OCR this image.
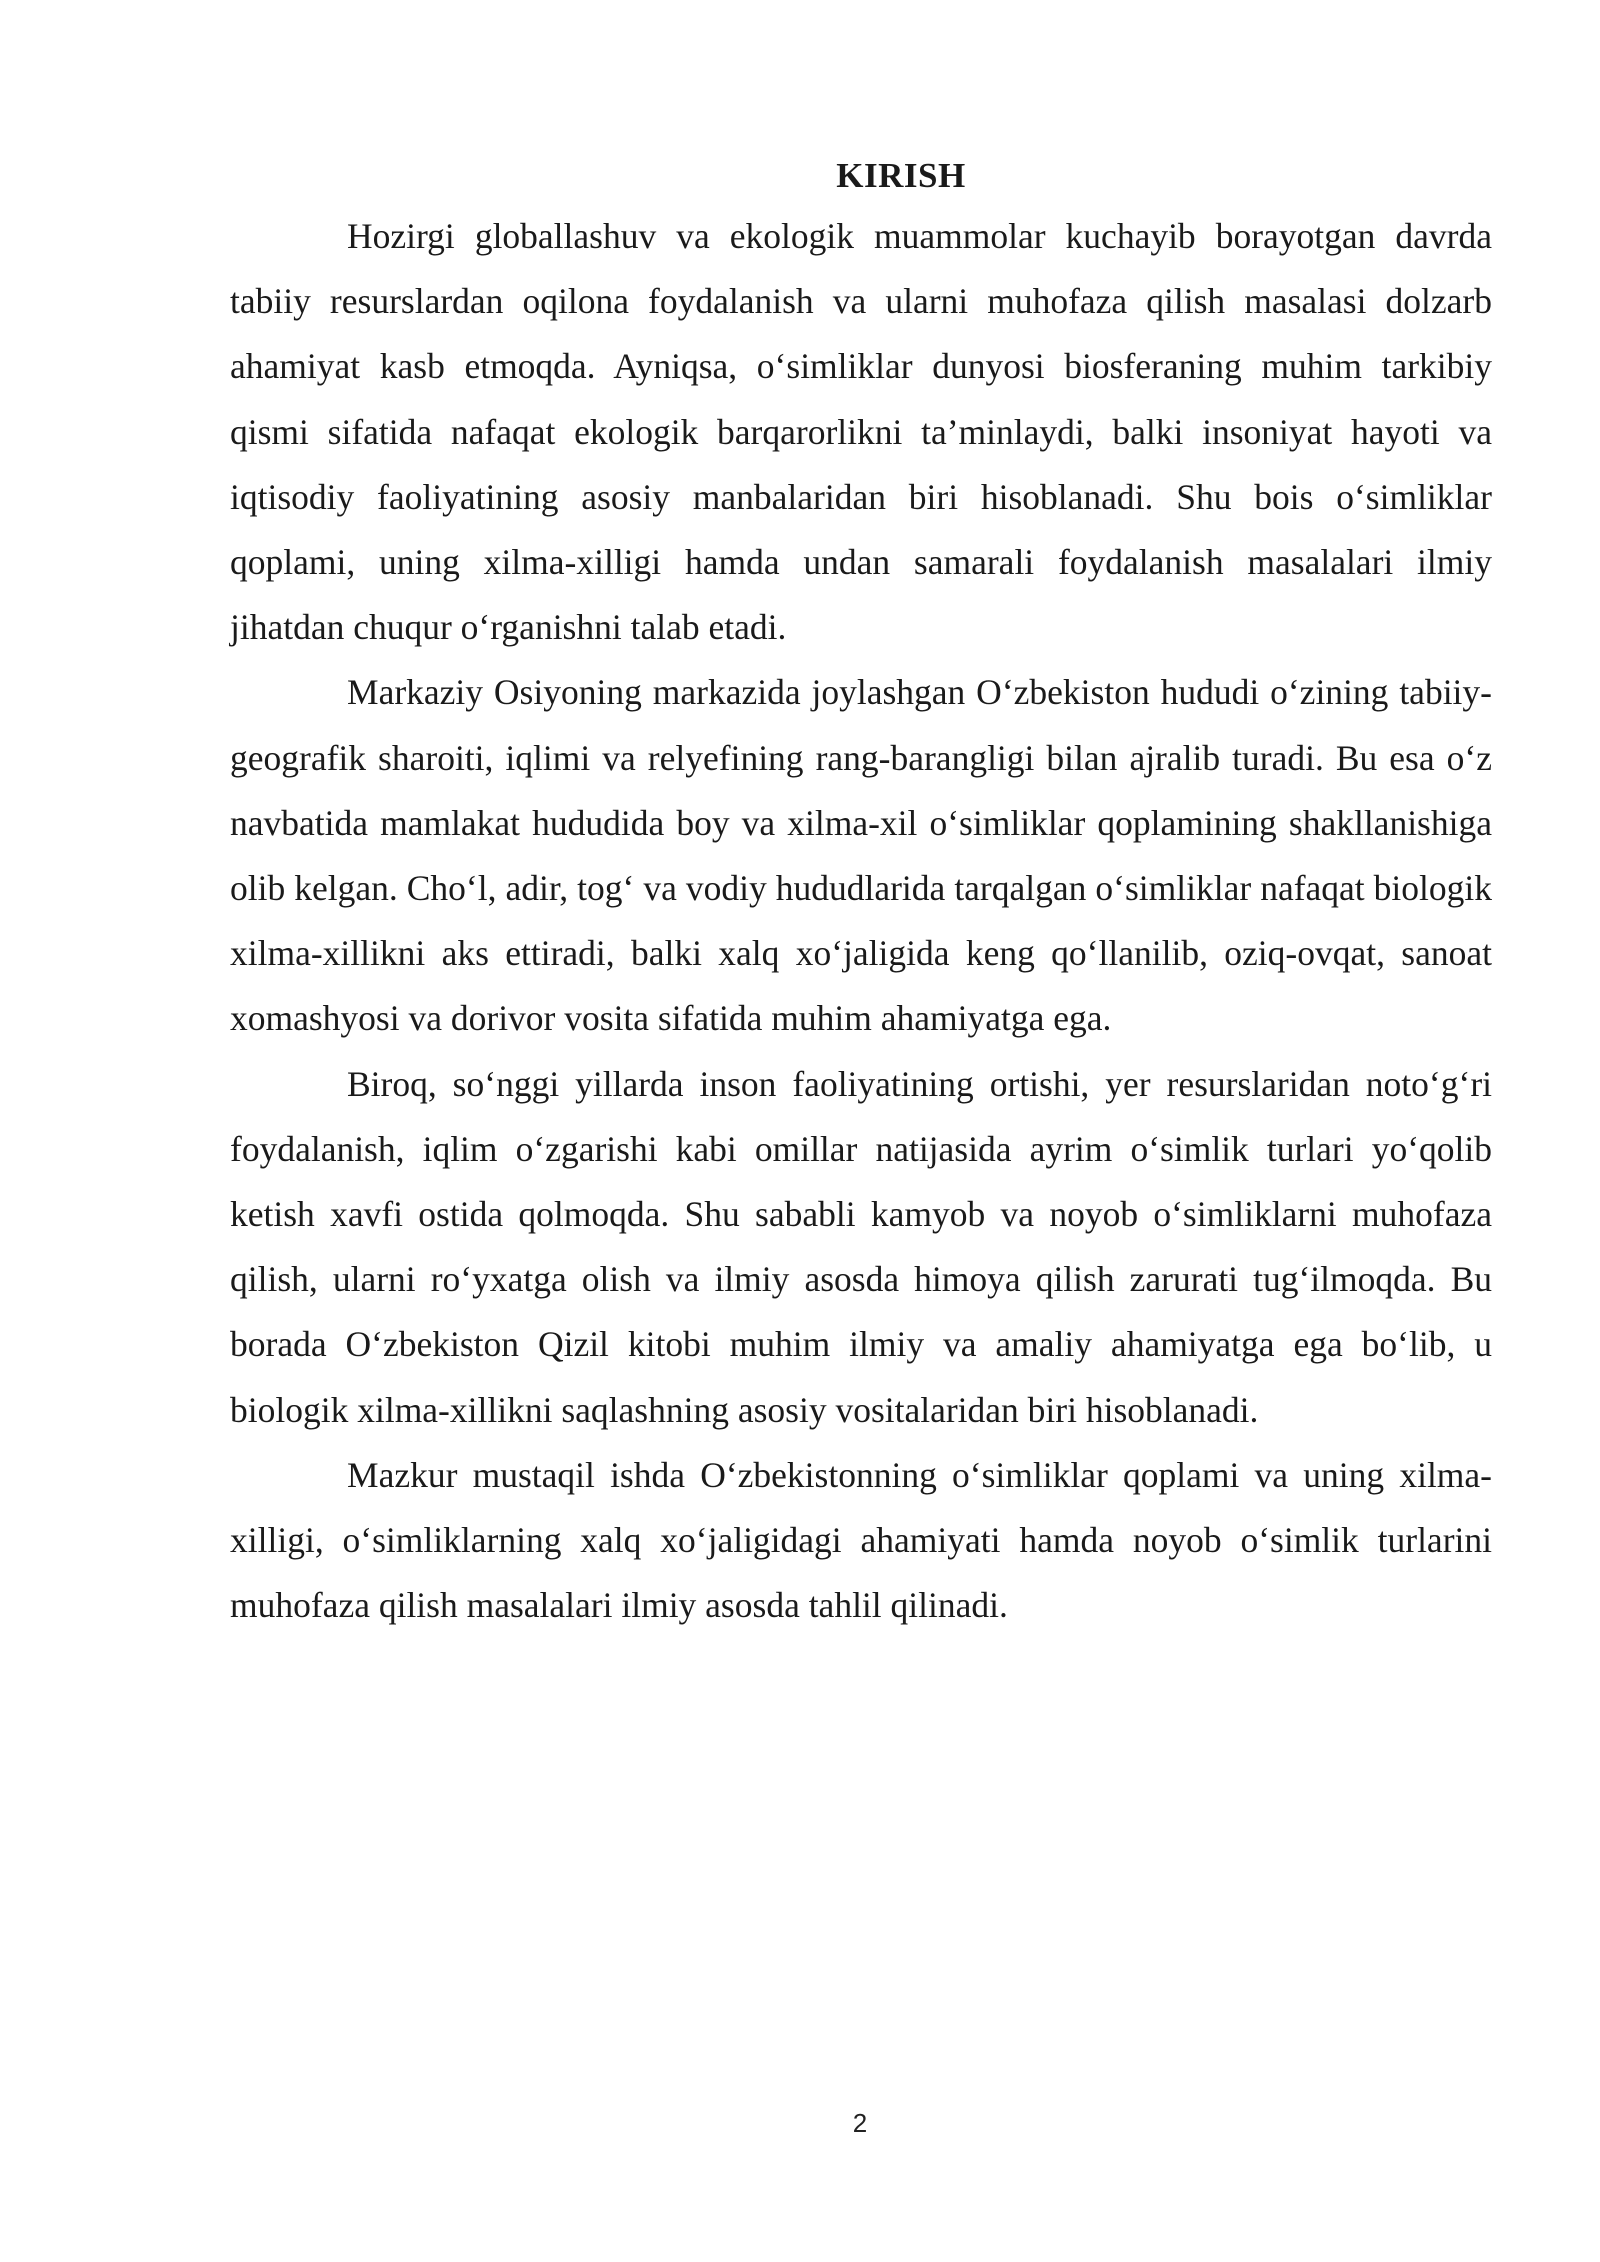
KIRISH

Hozirgi globallashuv va ekologik muammolar kuchayib borayotgan davrda tabiiy resurslardan oqilona foydalanish va ularni muhofaza qilish masalasi dolzarb ahamiyat kasb etmoqda. Ayniqsa, o‘simliklar dunyosi biosferaning muhim tarkibiy qismi sifatida nafaqat ekologik barqarorlikni ta’minlaydi, balki insoniyat hayoti va iqtisodiy faoliyatining asosiy manbalaridan biri hisoblanadi. Shu bois o‘simliklar qoplami, uning xilma-xilligi hamda undan samarali foydalanish masalalari ilmiy jihatdan chuqur o‘rganishni talab etadi.

Markaziy Osiyoning markazida joylashgan O‘zbekiston hududi o‘zining tabiiy-geografik sharoiti, iqlimi va relyefining rang-barangligi bilan ajralib turadi. Bu esa o‘z navbatida mamlakat hududida boy va xilma-xil o‘simliklar qoplamining shakllanishiga olib kelgan. Cho‘l, adir, tog‘ va vodiy hududlarida tarqalgan o‘simliklar nafaqat biologik xilma-xillikni aks ettiradi, balki xalq xo‘jaligida keng qo‘llanilib, oziq-ovqat, sanoat xomashyosi va dorivor vosita sifatida muhim ahamiyatga ega.

Biroq, so‘nggi yillarda inson faoliyatining ortishi, yer resurslaridan noto‘g‘ri foydalanish, iqlim o‘zgarishi kabi omillar natijasida ayrim o‘simlik turlari yo‘qolib ketish xavfi ostida qolmoqda. Shu sababli kamyob va noyob o‘simliklarni muhofaza qilish, ularni ro‘yxatga olish va ilmiy asosda himoya qilish zarurati tug‘ilmoqda. Bu borada O‘zbekiston Qizil kitobi muhim ilmiy va amaliy ahamiyatga ega bo‘lib, u biologik xilma-xillikni saqlashning asosiy vositalaridan biri hisoblanadi.

Mazkur mustaqil ishda O‘zbekistonning o‘simliklar qoplami va uning xilma-xilligi, o‘simliklarning xalq xo‘jaligidagi ahamiyati hamda noyob o‘simlik turlarini muhofaza qilish masalalari ilmiy asosda tahlil qilinadi.

2
